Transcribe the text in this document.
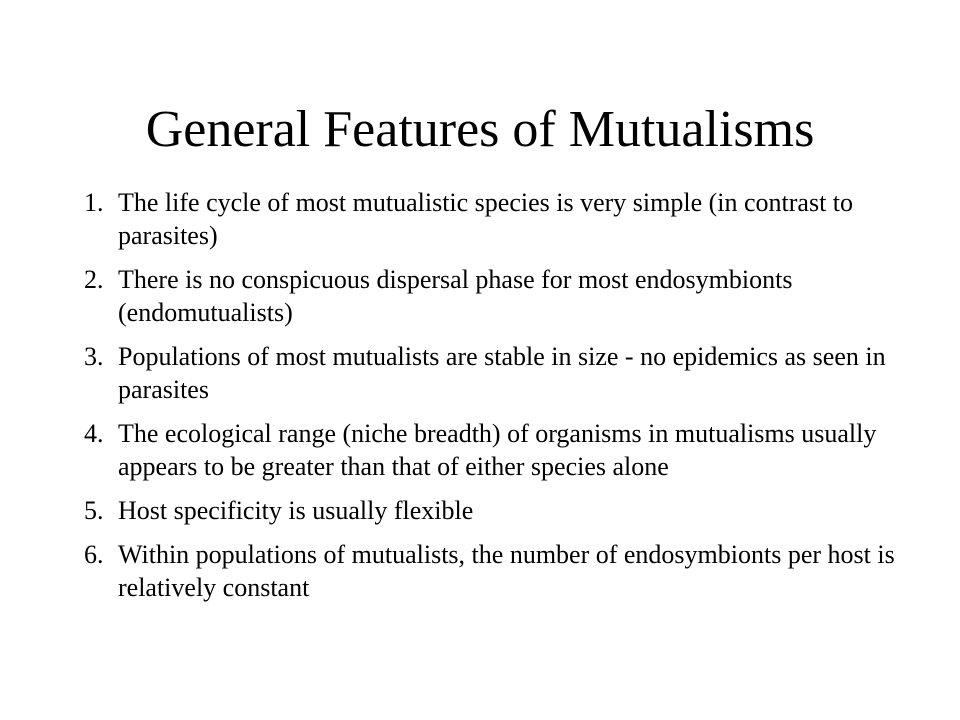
General Features of Mutualisms
1. The life cycle of most mutualistic species is very simple (in contrast to parasites)
2. There is no conspicuous dispersal phase for most endosymbionts (endomutualists)
3. Populations of most mutualists are stable in size - no epidemics as seen in parasites
4. The ecological range (niche breadth) of organisms in mutualisms usually appears to be greater than that of either species alone
5. Host specificity is usually flexible
6. Within populations of mutualists, the number of endosymbionts per host is relatively constant
